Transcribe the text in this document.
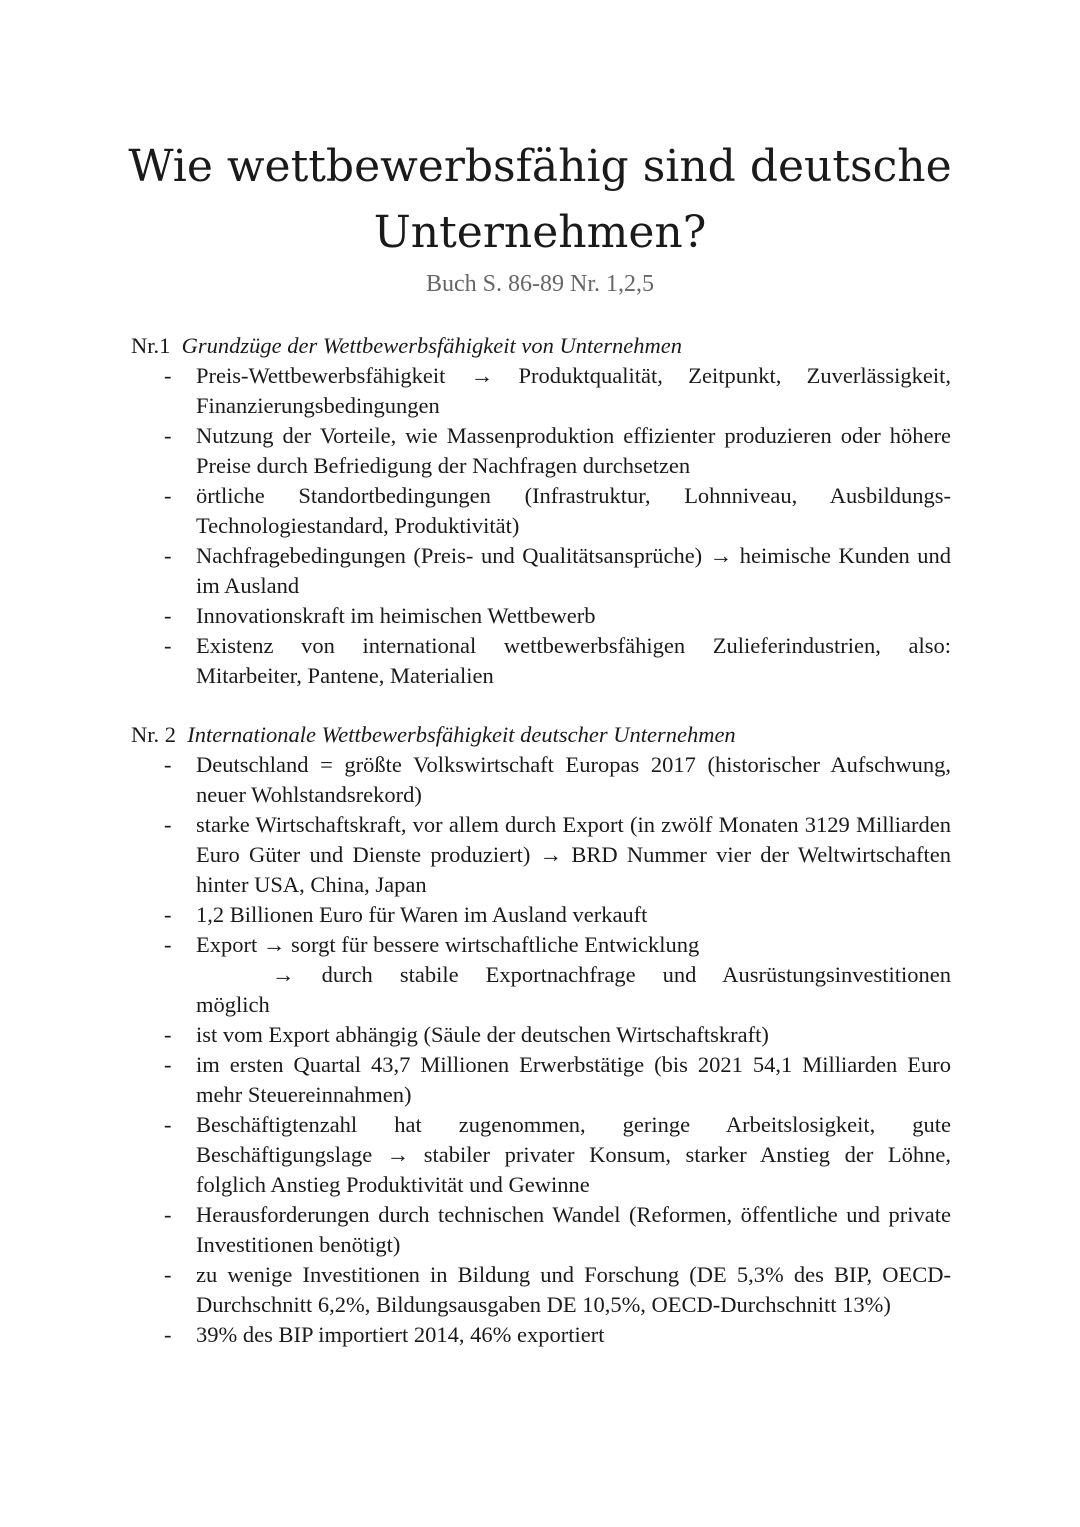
Wie wettbewerbsfähig sind deutsche Unternehmen?
Buch S. 86-89 Nr. 1,2,5
Nr.1 Grundzüge der Wettbewerbsfähigkeit von Unternehmen
- Preis-Wettbewerbsfähigkeit → Produktqualität, Zeitpunkt, Zuverlässigkeit, Finanzierungsbedingungen
- Nutzung der Vorteile, wie Massenproduktion effizienter produzieren oder höhere Preise durch Befriedigung der Nachfragen durchsetzen
- örtliche Standortbedingungen (Infrastruktur, Lohnniveau, Ausbildungs-Technologiestandard, Produktivität)
- Nachfragebedingungen (Preis- und Qualitätsansprüche) → heimische Kunden und im Ausland
- Innovationskraft im heimischen Wettbewerb
- Existenz von international wettbewerbsfähigen Zulieferindustrien, also: Mitarbeiter, Pantene, Materialien
Nr. 2 Internationale Wettbewerbsfähigkeit deutscher Unternehmen
- Deutschland = größte Volkswirtschaft Europas 2017 (historischer Aufschwung, neuer Wohlstandsrekord)
- starke Wirtschaftskraft, vor allem durch Export (in zwölf Monaten 3129 Milliarden Euro Güter und Dienste produziert) → BRD Nummer vier der Weltwirtschaften hinter USA, China, Japan
- 1,2 Billionen Euro für Waren im Ausland verkauft
- Export → sorgt für bessere wirtschaftliche Entwicklung
→ durch stabile Exportnachfrage und Ausrüstungsinvestitionen
möglich
- ist vom Export abhängig (Säule der deutschen Wirtschaftskraft)
- im ersten Quartal 43,7 Millionen Erwerbstätige (bis 2021 54,1 Milliarden Euro mehr Steuereinnahmen)
- Beschäftigtenzahl hat zugenommen, geringe Arbeitslosigkeit, gute Beschäftigungslage → stabiler privater Konsum, starker Anstieg der Löhne, folglich Anstieg Produktivität und Gewinne
- Herausforderungen durch technischen Wandel (Reformen, öffentliche und private Investitionen benötigt)
- zu wenige Investitionen in Bildung und Forschung (DE 5,3% des BIP, OECD-Durchschnitt 6,2%, Bildungsausgaben DE 10,5%, OECD-Durchschnitt 13%)
- 39% des BIP importiert 2014, 46% exportiert
